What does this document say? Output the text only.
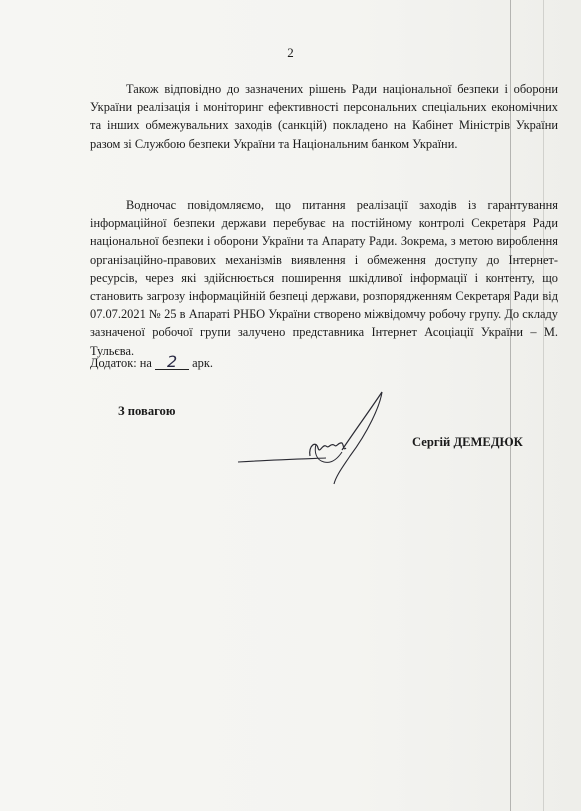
2

Також відповідно до зазначених рішень Ради національної безпеки і оборони України реалізація і моніторинг ефективності персональних спеціальних економічних та інших обмежувальних заходів (санкцій) покладено на Кабінет Міністрів України разом зі Службою безпеки України та Національним банком України.

Водночас повідомляємо, що питання реалізації заходів із гарантування інформаційної безпеки держави перебуває на постійному контролі Секретаря Ради національної безпеки і оборони України та Апарату Ради. Зокрема, з метою вироблення організаційно-правових механізмів виявлення і обмеження доступу до Інтернет-ресурсів, через які здійснюється поширення шкідливої інформації і контенту, що становить загрозу інформаційній безпеці держави, розпорядженням Секретаря Ради від 07.07.2021 № 25 в Апараті РНБО України створено міжвідомчу робочу групу. До складу зазначеної робочої групи залучено представника Інтернет Асоціації України – М. Тульєва.

Додаток: на 2 арк.
З повагою
Сергій ДЕМЕДЮК
